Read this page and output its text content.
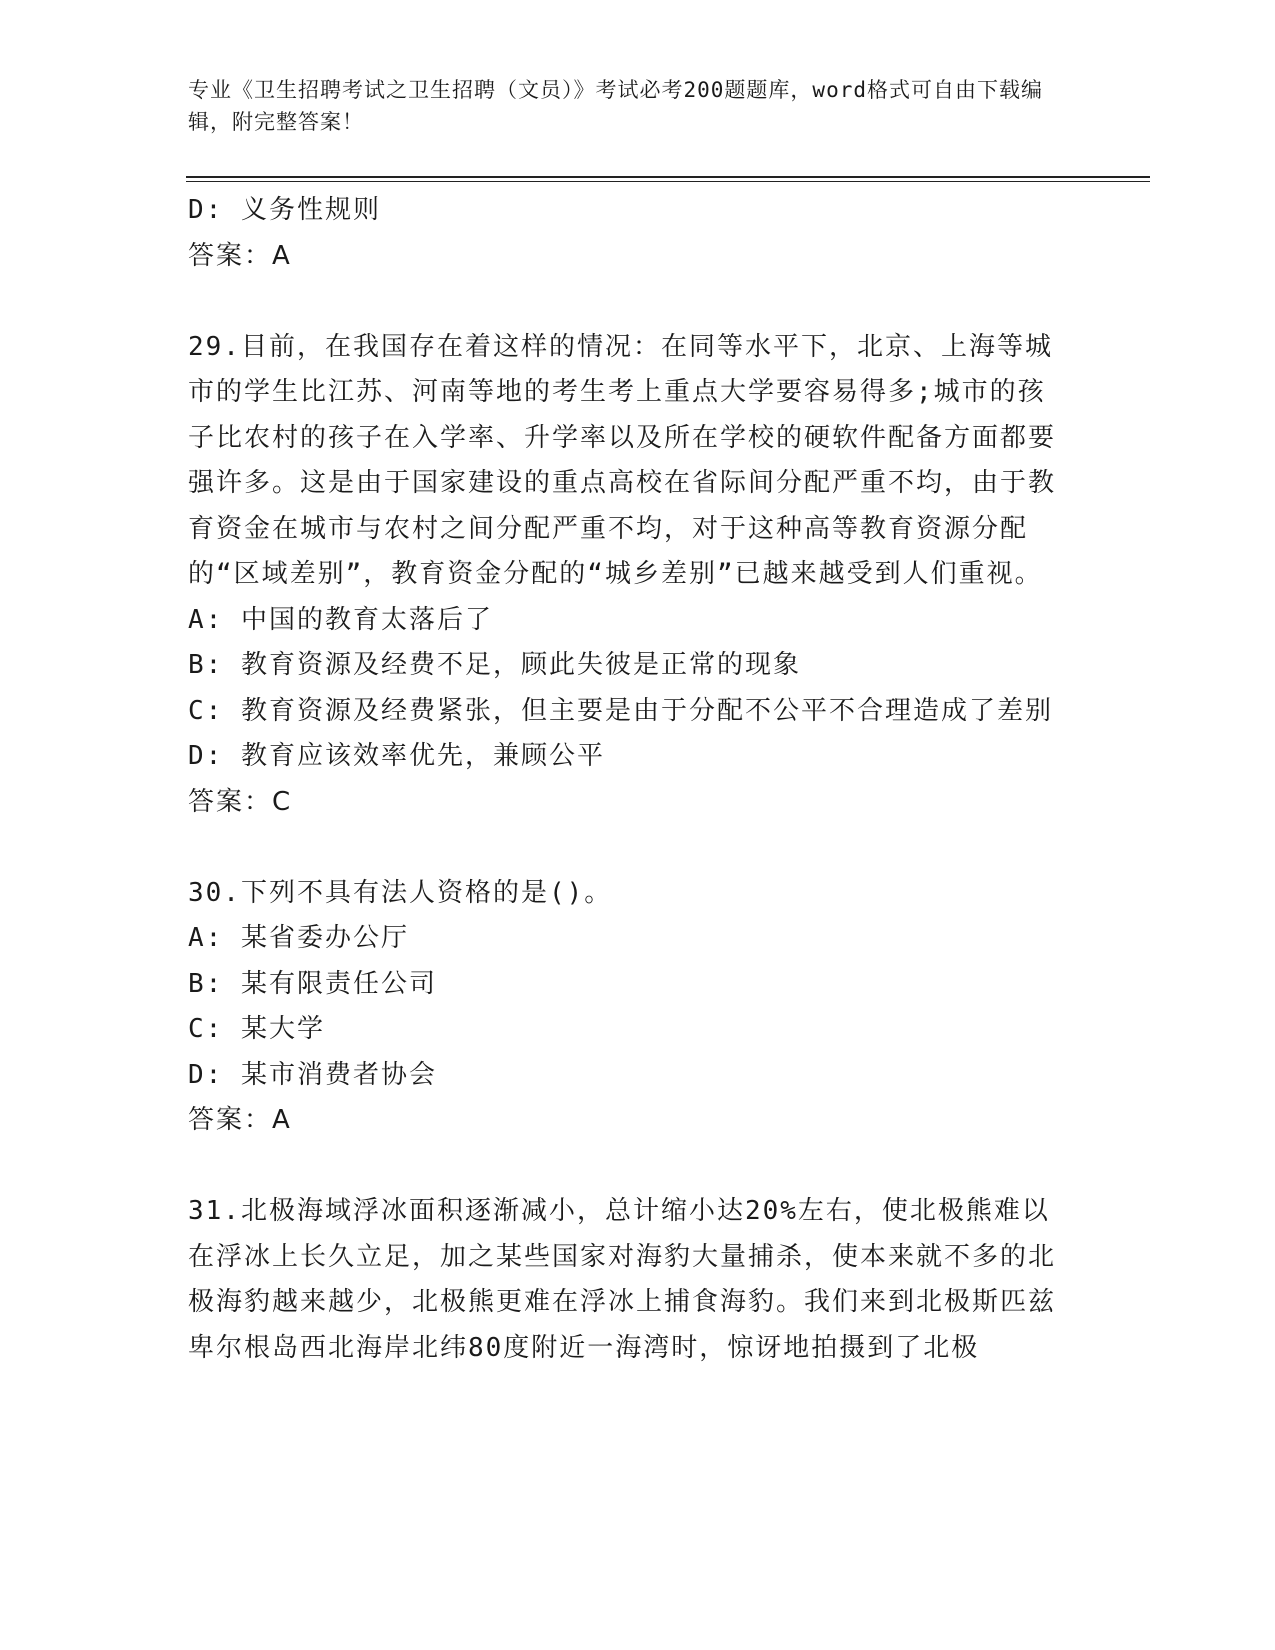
专业《卫生招聘考试之卫生招聘（文员）》考试必考200题题库，word格式可自由下载编辑，附完整答案！
D: 义务性规则
答案：A
29.目前，在我国存在着这样的情况：在同等水平下，北京、上海等城市的学生比江苏、河南等地的考生考上重点大学要容易得多;城市的孩子比农村的孩子在入学率、升学率以及所在学校的硬软件配备方面都要强许多。这是由于国家建设的重点高校在省际间分配严重不均，由于教育资金在城市与农村之间分配严重不均，对于这种高等教育资源分配的“区域差别”，教育资金分配的“城乡差别”已越来越受到人们重视。
A: 中国的教育太落后了
B: 教育资源及经费不足，顾此失彼是正常的现象
C: 教育资源及经费紧张，但主要是由于分配不公平不合理造成了差别
D: 教育应该效率优先，兼顾公平
答案：C
30.下列不具有法人资格的是()。
A: 某省委办公厅
B: 某有限责任公司
C: 某大学
D: 某市消费者协会
答案：A
31.北极海域浮冰面积逐渐减小，总计缩小达20%左右，使北极熊难以在浮冰上长久立足，加之某些国家对海豹大量捕杀，使本来就不多的北极海豹越来越少，北极熊更难在浮冰上捕食海豹。我们来到北极斯匹兹卑尔根岛西北海岸北纬80度附近一海湾时，惊讶地拍摄到了北极
